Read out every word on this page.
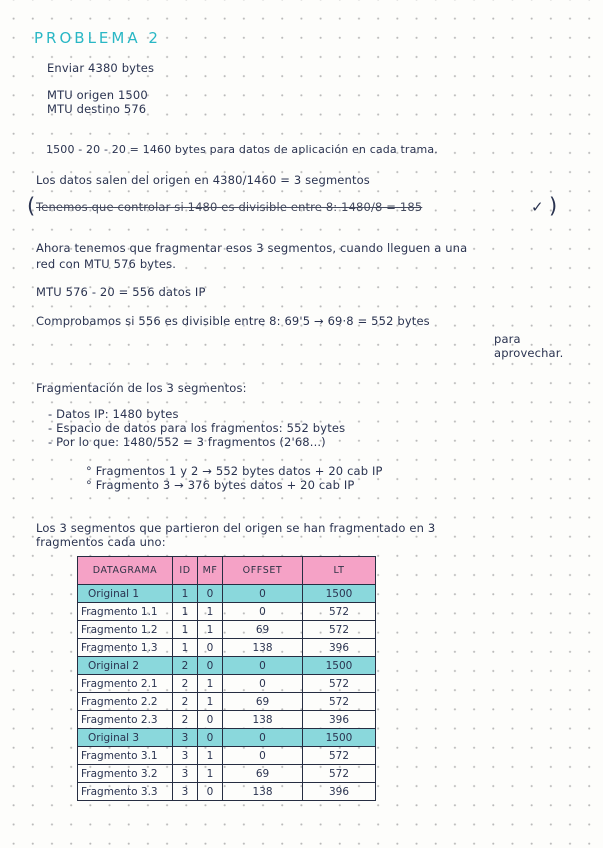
PROBLEMA 2
Enviar 4380 bytes
MTU origen 1500
MTU destino 576
1500 - 20 - 20 = 1460 bytes para datos de aplicación en cada trama.
Los datos salen del origen en 4380/1460 = 3 segmentos
( Tenemos que controlar si 1480 es divisible entre 8: 1480/8 = 185	✓ )
Ahora tenemos que fragmentar esos 3 segmentos, cuando lleguen a una
red con MTU 576 bytes.
MTU 576 - 20 = 556 datos IP
Comprobamos si 556 es divisible entre 8: 69'5 → 69·8 = 552 bytes
para
aprovechar.
Fragmentación de los 3 segmentos:
- Datos IP: 1480 bytes
- Espacio de datos para los fragmentos: 552 bytes
- Por lo que: 1480/552 = 3 fragmentos (2'68...)
° Fragmentos 1 y 2 → 552 bytes datos + 20 cab IP
° Fragmento 3 → 376 bytes datos + 20 cab IP
Los 3 segmentos que partieron del origen se han fragmentado en 3
fragmentos cada uno:
DATAGRAMA	ID	MF	OFFSET	LT
Original 1	1	0	0	1500
Fragmento 1.1	1	1	0	572
Fragmento 1.2	1	1	69	572
Fragmento 1.3	1	0	138	396
Original 2	2	0	0	1500
Fragmento 2.1	2	1	0	572
Fragmento 2.2	2	1	69	572
Fragmento 2.3	2	0	138	396
Original 3	3	0	0	1500
Fragmento 3.1	3	1	0	572
Fragmento 3.2	3	1	69	572
Fragmento 3.3	3	0	138	396
